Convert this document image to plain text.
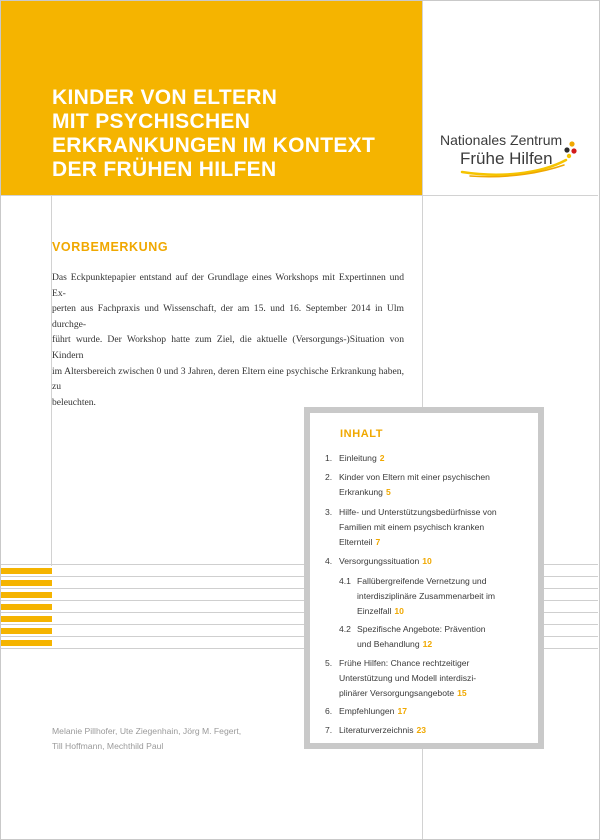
KINDER VON ELTERN
MIT PSYCHISCHEN
ERKRANKUNGEN IM KONTEXT
DER FRÜHEN HILFEN
Nationales Zentrum
Frühe Hilfen
VORBEMERKUNG
Das Eckpunktepapier entstand auf der Grundlage eines Workshops mit Expertinnen und Ex-
perten aus Fachpraxis und Wissenschaft, der am 15. und 16. September 2014 in Ulm durchge-
führt wurde. Der Workshop hatte zum Ziel, die aktuelle (Versorgungs-)Situation von Kindern
im Altersbereich zwischen 0 und 3 Jahren, deren Eltern eine psychische Erkrankung haben, zu
beleuchten.
INHALT
1. Einleitung 2
2. Kinder von Eltern mit einer psychischen
Erkrankung 5
3. Hilfe- und Unterstützungsbedürfnisse von
Familien mit einem psychisch kranken
Elternteil 7
4. Versorgungssituation 10
4.1 Fallübergreifende Vernetzung und
interdisziplinäre Zusammenarbeit im
Einzelfall 10
4.2 Spezifische Angebote: Prävention
und Behandlung 12
5. Frühe Hilfen: Chance rechtzeitiger
Unterstützung und Modell interdiszi-
plinärer Versorgungsangebote 15
6. Empfehlungen 17
7. Literaturverzeichnis 23
Melanie Pillhofer, Ute Ziegenhain, Jörg M. Fegert,
Till Hoffmann, Mechthild Paul
